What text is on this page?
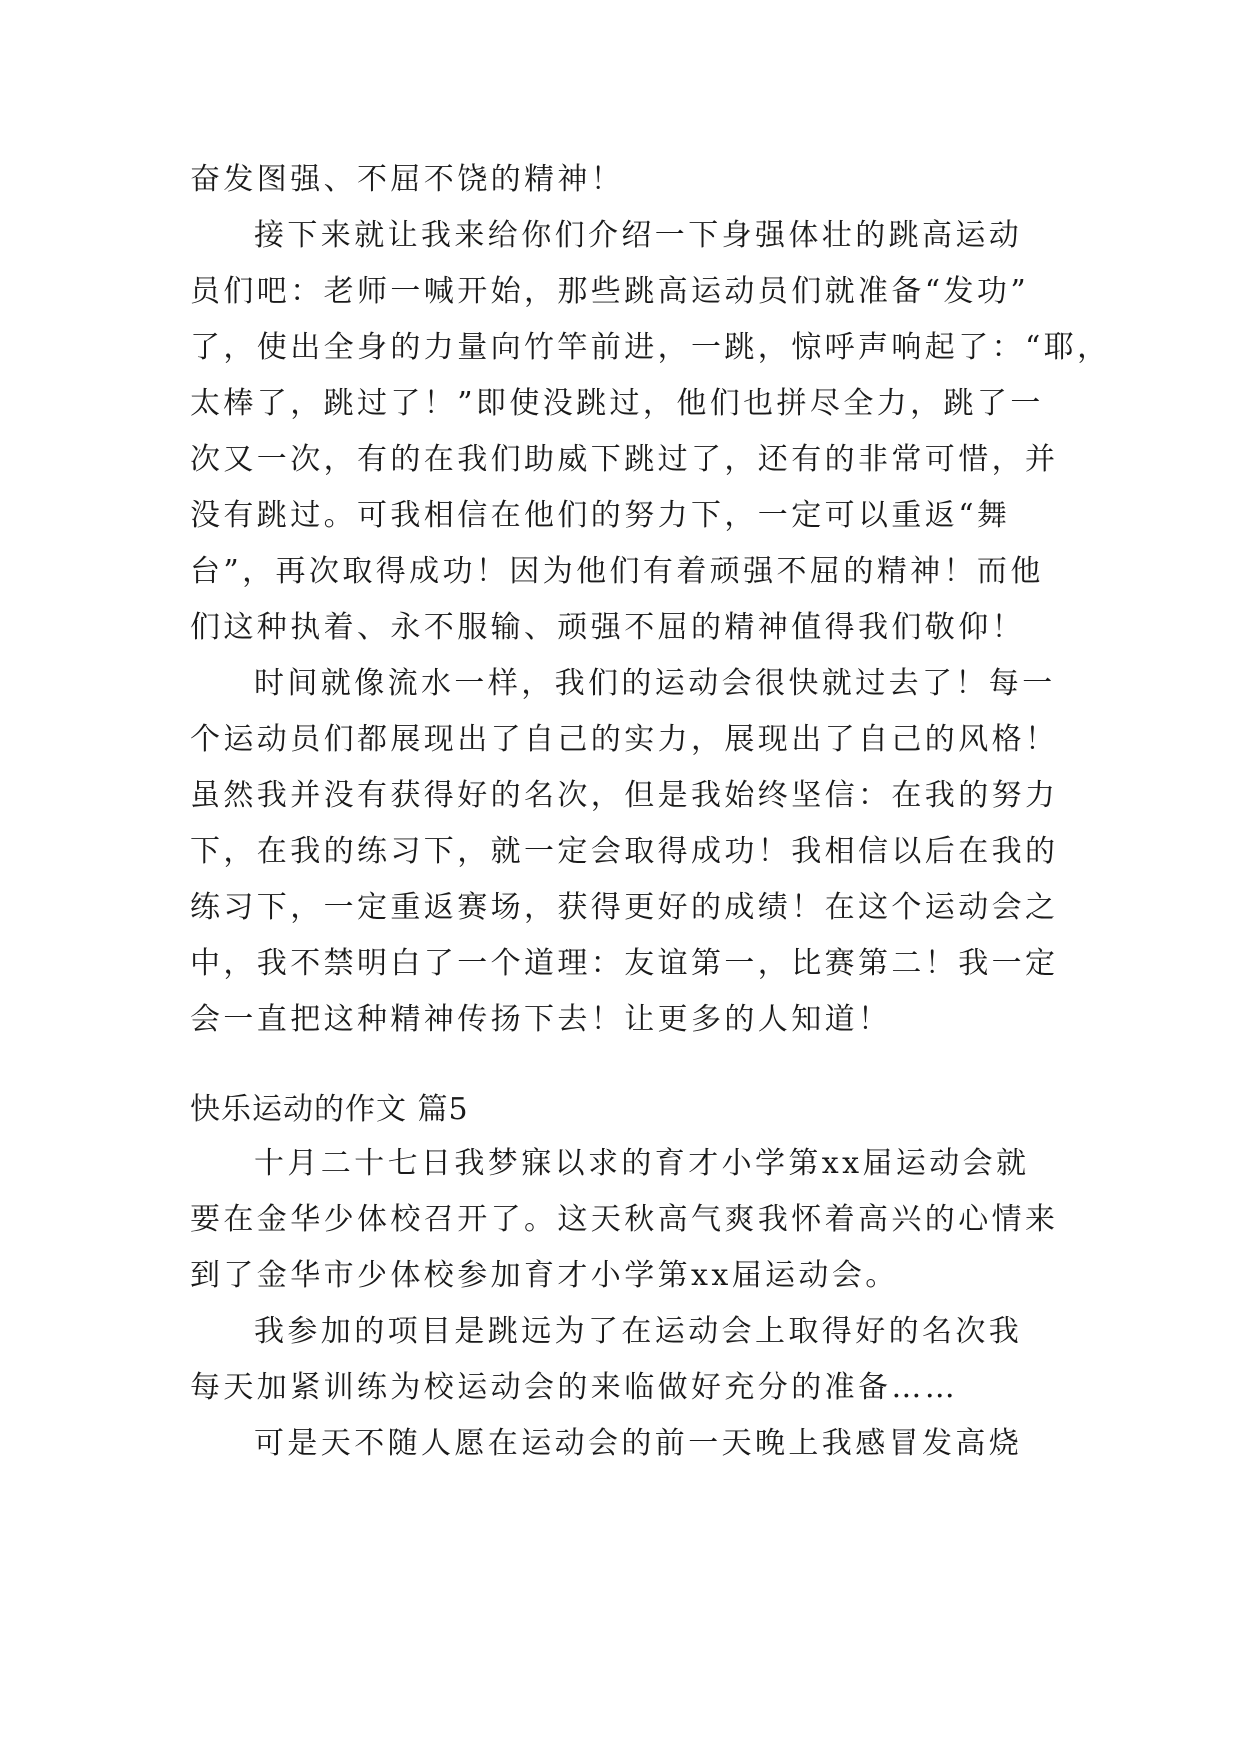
奋发图强、不屈不饶的精神！
接下来就让我来给你们介绍一下身强体壮的跳高运动
员们吧：老师一喊开始，那些跳高运动员们就准备“发功”
了，使出全身的力量向竹竿前进，一跳，惊呼声响起了：“耶，
太棒了，跳过了！”即使没跳过，他们也拼尽全力，跳了一
次又一次，有的在我们助威下跳过了，还有的非常可惜，并
没有跳过。可我相信在他们的努力下，一定可以重返“舞
台”，再次取得成功！因为他们有着顽强不屈的精神！而他
们这种执着、永不服输、顽强不屈的精神值得我们敬仰！
时间就像流水一样，我们的运动会很快就过去了！每一
个运动员们都展现出了自己的实力，展现出了自己的风格！
虽然我并没有获得好的名次，但是我始终坚信：在我的努力
下，在我的练习下，就一定会取得成功！我相信以后在我的
练习下，一定重返赛场，获得更好的成绩！在这个运动会之
中，我不禁明白了一个道理：友谊第一，比赛第二！我一定
会一直把这种精神传扬下去！让更多的人知道！
快乐运动的作文 篇5
十月二十七日我梦寐以求的育才小学第xx届运动会就
要在金华少体校召开了。这天秋高气爽我怀着高兴的心情来
到了金华市少体校参加育才小学第xx届运动会。
我参加的项目是跳远为了在运动会上取得好的名次我
每天加紧训练为校运动会的来临做好充分的准备……
可是天不随人愿在运动会的前一天晚上我感冒发高烧
